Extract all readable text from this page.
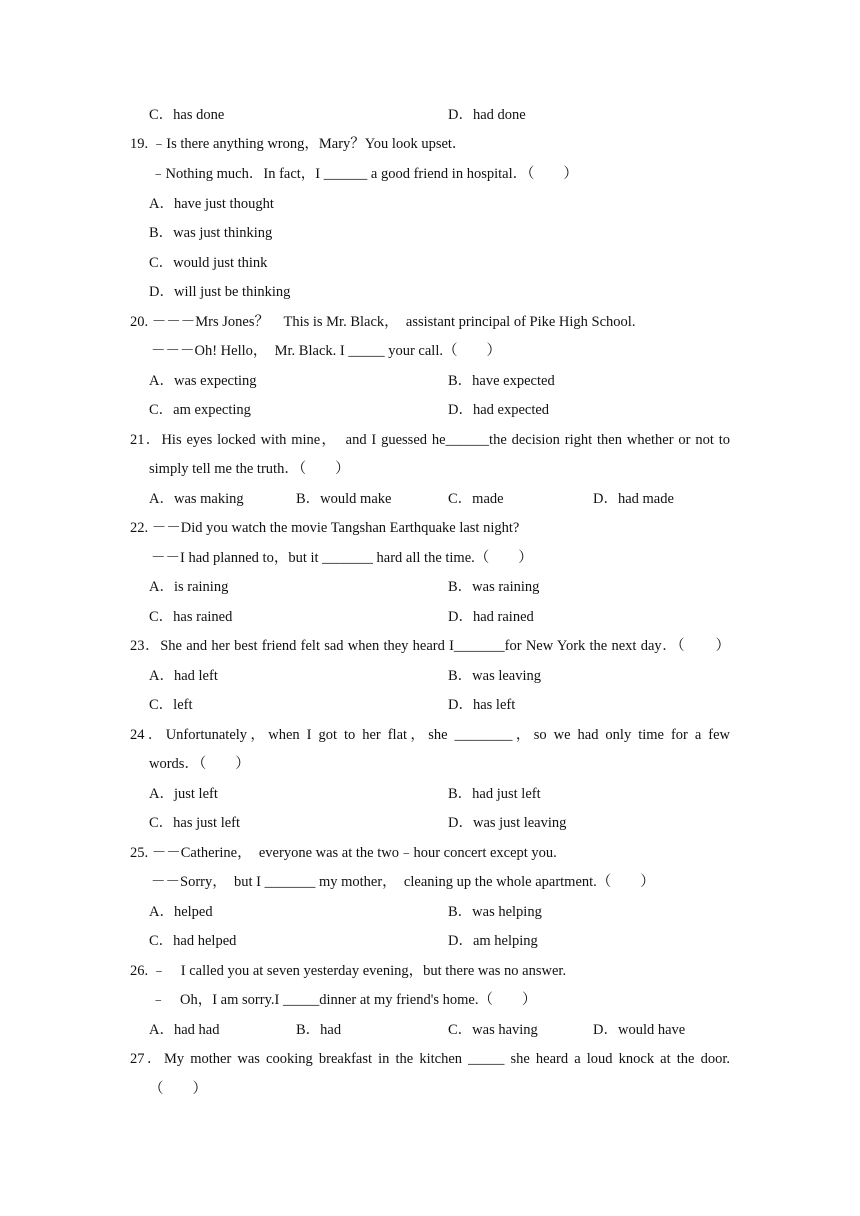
C．has done	D．had done
19. ﹣Is there anything wrong，Mary？You look upset．
﹣Nothing much．In fact，I ______ a good friend in hospital．（　　）
A．have just thought
B．was just thinking
C．would just think
D．will just be thinking
20. －－－Mrs Jones？　This is Mr. Black，　assistant principal of Pike High School.
－－－Oh! Hello，　Mr. Black. I _____ your call.（　　）
A．was expecting	B．have expected
C．am expecting	D．had expected
21．His eyes locked with mine，　and I guessed he______the decision right then whether or not to
simply tell me the truth．（　　）
A．was making	B．would make	C．made	D．had made
22. －－Did you watch the movie Tangshan Earthquake last night?
－－I had planned to，but it _______ hard all the time.（　　）
A．is raining	B．was raining
C．has rained	D．had rained
23．She and her best friend felt sad when they heard I_______for New York the next day．（　　）
A．had left	B．was leaving
C．left	D．has left
24．Unfortunately，when I got to her flat，she ________，so we had only time for a few
words．（　　）
A．just left	B．had just left
C．has just left	D．was just leaving
25. －－Catherine，　everyone was at the two﹣hour concert except you.
－－Sorry，　but I _______ my mother，　cleaning up the whole apartment.（　　）
A．helped	B．was helping
C．had helped	D．am helping
26. ﹣　I called you at seven yesterday evening，but there was no answer.
﹣　Oh，I am sorry.I _____dinner at my friend's home.（　　）
A．had had	B．had	C．was having	D．would have
27．My mother was cooking breakfast in the kitchen _____ she heard a loud knock at the door.
（　　）
